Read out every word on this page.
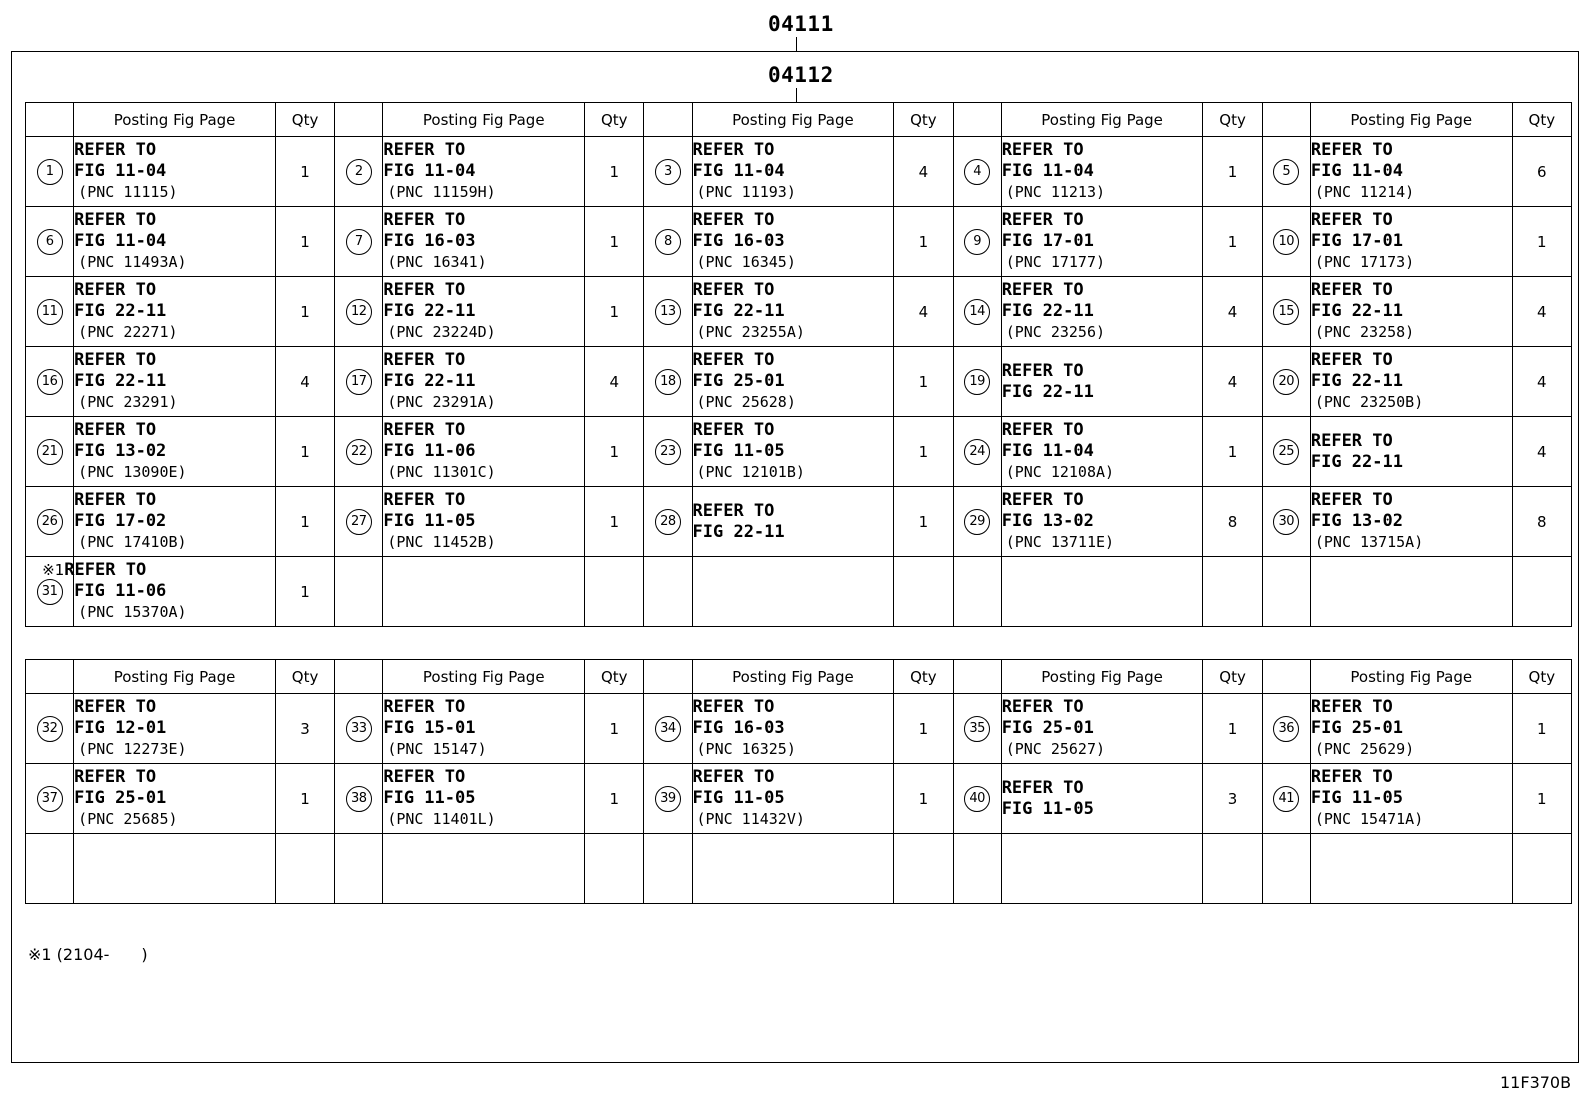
04111
04112
	Posting Fig Page	Qty		Posting Fig Page	Qty		Posting Fig Page	Qty		Posting Fig Page	Qty		Posting Fig Page	Qty
1	REFER TO
FIG 11-04
(PNC 11115)	1	2	REFER TO
FIG 11-04
(PNC 11159H)	1	3	REFER TO
FIG 11-04
(PNC 11193)	4	4	REFER TO
FIG 11-04
(PNC 11213)	1	5	REFER TO
FIG 11-04
(PNC 11214)	6
6	REFER TO
FIG 11-04
(PNC 11493A)	1	7	REFER TO
FIG 16-03
(PNC 16341)	1	8	REFER TO
FIG 16-03
(PNC 16345)	1	9	REFER TO
FIG 17-01
(PNC 17177)	1	10	REFER TO
FIG 17-01
(PNC 17173)	1
11	REFER TO
FIG 22-11
(PNC 22271)	1	12	REFER TO
FIG 22-11
(PNC 23224D)	1	13	REFER TO
FIG 22-11
(PNC 23255A)	4	14	REFER TO
FIG 22-11
(PNC 23256)	4	15	REFER TO
FIG 22-11
(PNC 23258)	4
16	REFER TO
FIG 22-11
(PNC 23291)	4	17	REFER TO
FIG 22-11
(PNC 23291A)	4	18	REFER TO
FIG 25-01
(PNC 25628)	1	19	REFER TO
FIG 22-11	4	20	REFER TO
FIG 22-11
(PNC 23250B)	4
21	REFER TO
FIG 13-02
(PNC 13090E)	1	22	REFER TO
FIG 11-06
(PNC 11301C)	1	23	REFER TO
FIG 11-05
(PNC 12101B)	1	24	REFER TO
FIG 11-04
(PNC 12108A)	1	25	REFER TO
FIG 22-11	4
26	REFER TO
FIG 17-02
(PNC 17410B)	1	27	REFER TO
FIG 11-05
(PNC 11452B)	1	28	REFER TO
FIG 22-11	1	29	REFER TO
FIG 13-02
(PNC 13711E)	8	30	REFER TO
FIG 13-02
(PNC 13715A)	8
31	※1REFER TO
FIG 11-06
(PNC 15370A)	1		

	Posting Fig Page	Qty		Posting Fig Page	Qty		Posting Fig Page	Qty		Posting Fig Page	Qty		Posting Fig Page	Qty
32	REFER TO
FIG 12-01
(PNC 12273E)	3	33	REFER TO
FIG 15-01
(PNC 15147)	1	34	REFER TO
FIG 16-03
(PNC 16325)	1	35	REFER TO
FIG 25-01
(PNC 25627)	1	36	REFER TO
FIG 25-01
(PNC 25629)	1
37	REFER TO
FIG 25-01
(PNC 25685)	1	38	REFER TO
FIG 11-05
(PNC 11401L)	1	39	REFER TO
FIG 11-05
(PNC 11432V)	1	40	REFER TO
FIG 11-05	3	41	REFER TO
FIG 11-05
(PNC 15471A)	1

※1 (2104-　　)
11F370B
